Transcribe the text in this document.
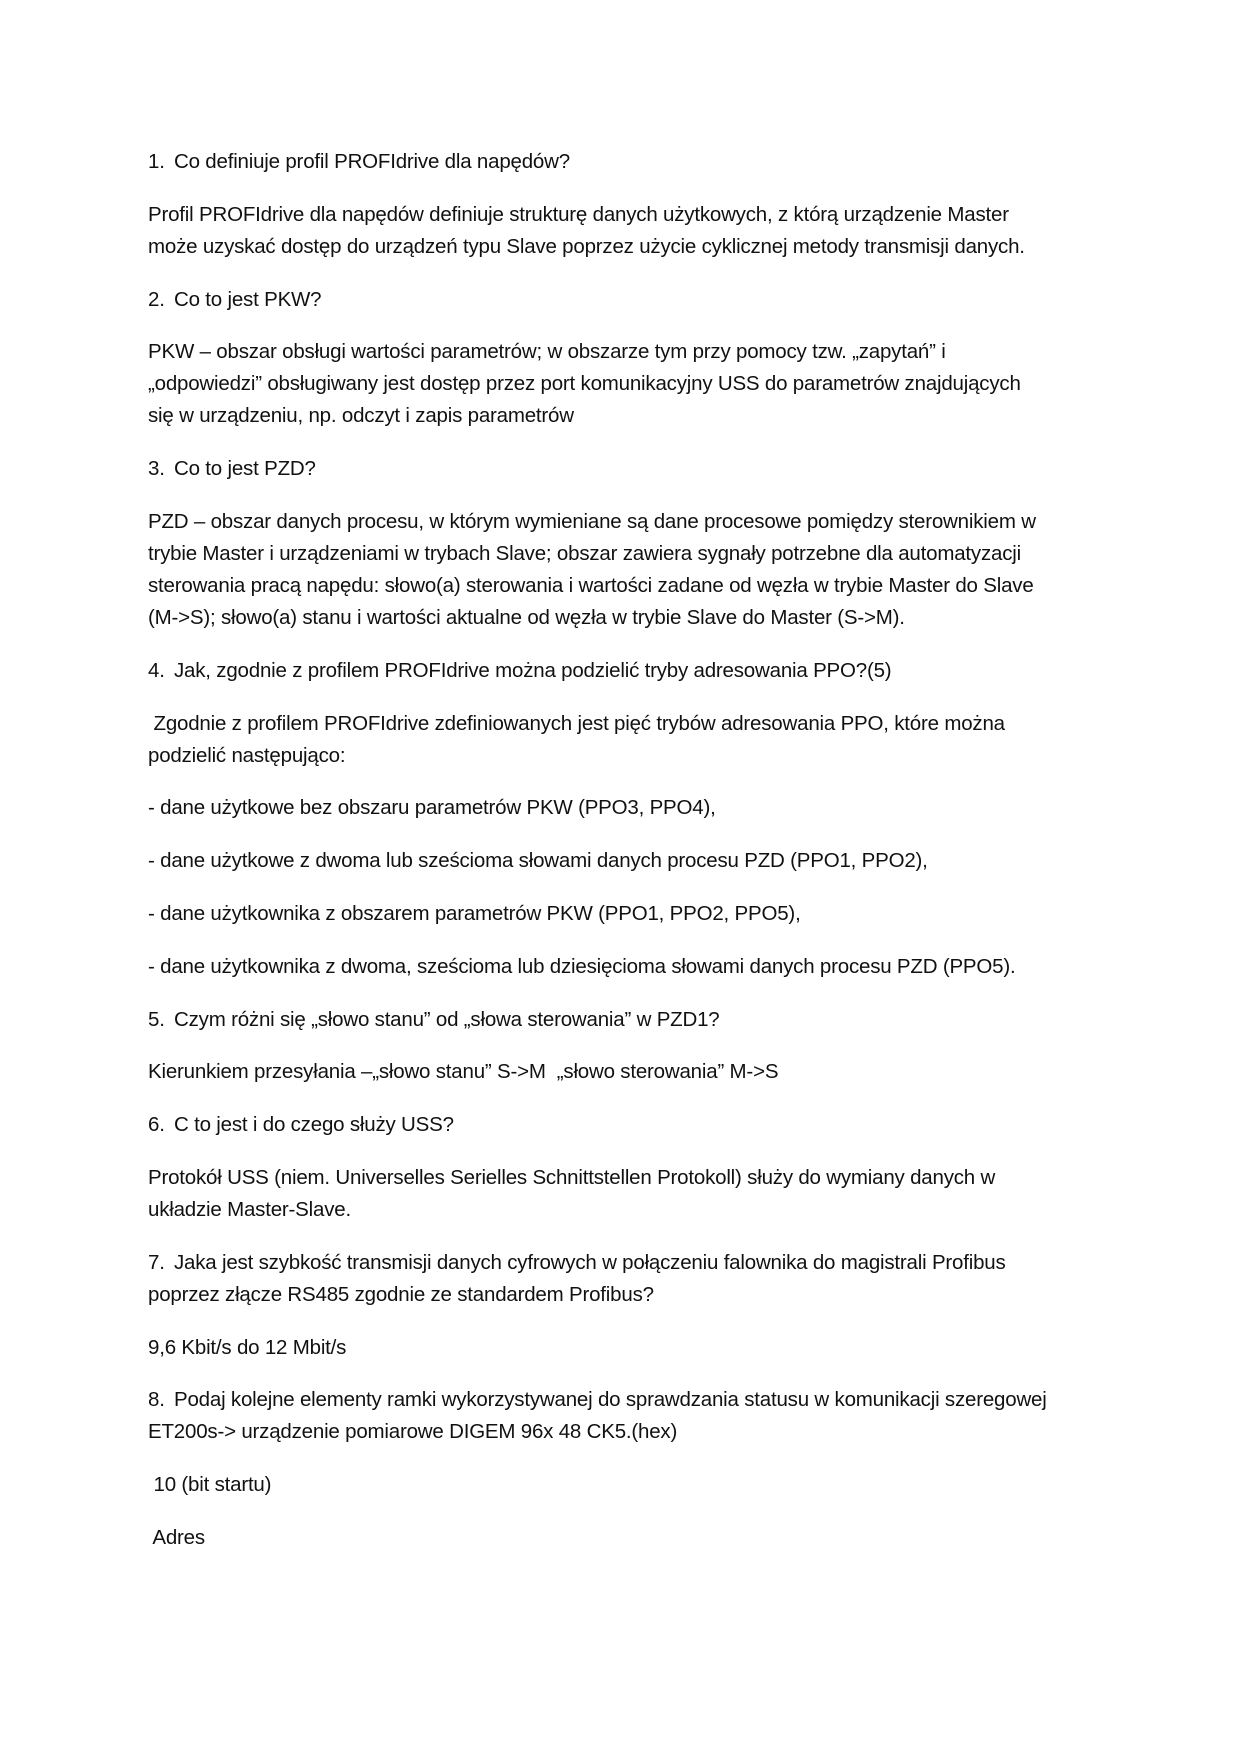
1. Co definiuje profil PROFIdrive dla napędów?

Profil PROFIdrive dla napędów definiuje strukturę danych użytkowych, z którą urządzenie Master

może uzyskać dostęp do urządzeń typu Slave poprzez użycie cyklicznej metody transmisji danych.

2. Co to jest PKW?

PKW – obszar obsługi wartości parametrów; w obszarze tym przy pomocy tzw. „zapytań” i

„odpowiedzi” obsługiwany jest dostęp przez port komunikacyjny USS do parametrów znajdujących

się w urządzeniu, np. odczyt i zapis parametrów

3. Co to jest PZD?

PZD – obszar danych procesu, w którym wymieniane są dane procesowe pomiędzy sterownikiem w

trybie Master i urządzeniami w trybach Slave; obszar zawiera sygnały potrzebne dla automatyzacji

sterowania pracą napędu: słowo(a) sterowania i wartości zadane od węzła w trybie Master do Slave

(M->S); słowo(a) stanu i wartości aktualne od węzła w trybie Slave do Master (S->M).

4. Jak, zgodnie z profilem PROFIdrive można podzielić tryby adresowania PPO?(5)

Zgodnie z profilem PROFIdrive zdefiniowanych jest pięć trybów adresowania PPO, które można

podzielić następująco:

- dane użytkowe bez obszaru parametrów PKW (PPO3, PPO4),

- dane użytkowe z dwoma lub sześcioma słowami danych procesu PZD (PPO1, PPO2),

- dane użytkownika z obszarem parametrów PKW (PPO1, PPO2, PPO5),

- dane użytkownika z dwoma, sześcioma lub dziesięcioma słowami danych procesu PZD (PPO5).

5. Czym różni się „słowo stanu” od „słowa sterowania” w PZD1?

Kierunkiem przesyłania –„słowo stanu” S->M  „słowo sterowania” M->S

6. C to jest i do czego służy USS?

Protokół USS (niem. Universelles Serielles Schnittstellen Protokoll) służy do wymiany danych w

układzie Master-Slave.

7. Jaka jest szybkość transmisji danych cyfrowych w połączeniu falownika do magistrali Profibus

poprzez złącze RS485 zgodnie ze standardem Profibus?

9,6 Kbit/s do 12 Mbit/s

8. Podaj kolejne elementy ramki wykorzystywanej do sprawdzania statusu w komunikacji szeregowej

ET200s-> urządzenie pomiarowe DIGEM 96x 48 CK5.(hex)

10 (bit startu)

Adres
